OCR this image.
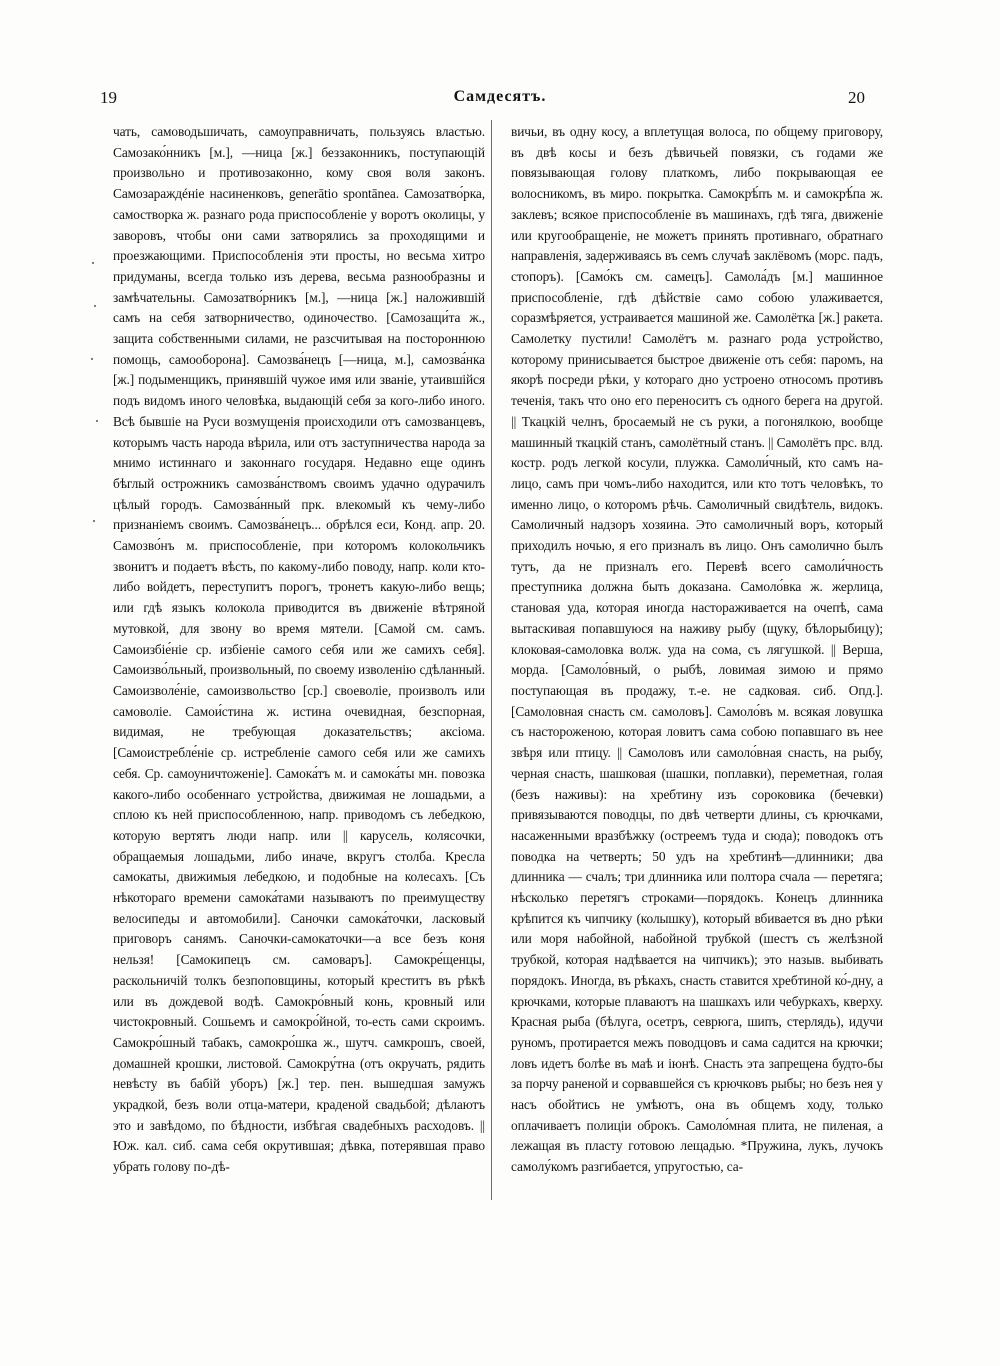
19	Самдесятъ.	20

чать, самоводьшичать, самоуправничать, пользуясь властью. Самозако́нникъ [м.], —ница [ж.] беззаконникъ, поступающій произвольно и противозаконно, кому своя воля законъ. Самозараждéніе насиненковъ, generātio spontānea. Самозатво́рка, самостворка ж. разнаго рода приспособленіе у воротъ околицы, у заворовъ, чтобы они сами затворялись за проходящими и проезжающими. Приспособленія эти просты, но весьма хитро придуманы, всегда только изъ дерева, весьма разнообразны и замѣчательны. Самозатво́рникъ [м.], —ница [ж.] наложившій самъ на себя затворничество, одиночество. [Самозащи́та ж., защита собственными силами, не разсчитывая на постороннюю помощь, самооборона]. Самозва́нецъ [—ница, м.], самозва́нка [ж.] подыменщикъ, принявшій чужое имя или званіе, утаившійся подъ видомъ иного человѣка, выдающій себя за кого-либо иного. Всѣ бывшіе на Руси возмущенія происходили отъ самозванцевъ, которымъ часть народа вѣрила, или отъ заступничества народа за мнимо истиннаго и законнаго государя. Недавно еще одинъ бѣглый острожникъ самозва́нствомъ своимъ удачно одурачилъ цѣлый городъ. Самозва́нный прк. влекомый къ чему-либо признаніемъ своимъ. Самозва́нецъ... обрѣлся еси, Конд. апр. 20. Самозво́нъ м. приспособленіе, при которомъ колокольчикъ звонитъ и подаетъ вѣсть, по какому-либо поводу, напр. коли кто-либо войдетъ, переступитъ порогъ, тронетъ какую-либо вещь; или гдѣ языкъ колокола приводится въ движеніе вѣтряной мутовкой, для звону во время мятели. [Самой см. самъ. Самоизбіе́ніе ср. избіеніе самого себя или же самихъ себя]. Самоизво́льный, произвольный, по своему изволенію сдѣланный. Самоизволе́ніе, самоизвольство [ср.] своеволіе, произволъ или самоволіе. Самои́стина ж. истина очевидная, безспорная, видимая, не требующая доказательствъ; аксіома. [Самоистребле́ніе ср. истребленіе самого себя или же самихъ себя. Ср. самоуничтоженіе]. Самока́тъ м. и самока́ты мн. повозка какого-либо особеннаго устройства, движимая не лошадьми, а сплою къ ней приспособленною, напр. приводомъ съ лебедкою, которую вертятъ люди напр. или || карусель, колясочки, обращаемыя лошадьми, либо иначе, вкругъ столба. Кресла самокаты, движимыя лебедкою, и подобные на колесахъ. [Съ нѣкотораго времени самока́тами называютъ по преимуществу велосипеды и автомобили]. Саночки самока́точки, ласковый приговоръ санямъ. Саночки-самокаточки—а все безъ коня нельзя! [Самокипецъ см. самоваръ]. Самокре́щенцы, раскольничій толкъ безпоповщины, который креститъ въ рѣкѣ или въ дождевой водѣ. Самокро́вный конь, кровный или чистокровный. Сошьемъ и самокро́йной, то-есть сами скроимъ. Самокро́шный табакъ, самокро́шка ж., шутч. самкрошъ, своей, домашней крошки, листовой. Самокру́тна (отъ окручать, рядить невѣсту въ бабій уборъ) [ж.] тер. пен. вышедшая замужъ украдкой, безъ воли отца-матери, краденой свадьбой; дѣлаютъ это и завѣдомо, по бѣдности, избѣгая свадебныхъ расходовъ. || Юж. кал. сиб. сама себя окрутившая; дѣвка, потерявшая право убрать голову по-дѣ-

вичьи, въ одну косу, а вплетущая волоса, по общему приговору, въ двѣ косы и безъ дѣвичьей повязки, съ годами же повязывающая голову платкомъ, либо покрывающая ее волосникомъ, въ мирo. покрытка. Самокрѣ́пъ м. и самокрѣ́па ж. заклевъ; всякое приспособленіе въ машинахъ, гдѣ тяга, движеніе или кругообращеніе, не можетъ принять противнаго, обратнаго направленія, задерживаясь въ семъ случаѣ заклёвомъ (морс. падъ, стопоръ). [Само́къ см. самецъ]. Самола́дъ [м.] машинное приспособленіе, гдѣ дѣйствіе само собою улаживается, соразмѣряется, устраивается машиной же. Самолётка [ж.] ракета. Самолетку пустили! Самолётъ м. разнаго рода устройство, которому принисывается быстрое движеніе отъ себя: паромъ, на якорѣ посреди рѣки, у котораго дно устроено относомъ противъ теченія, такъ что оно его переноситъ съ одного берега на другой. || Ткацкій челнъ, бросаемый не съ руки, а погонялкою, вообще машинный ткацкій станъ, самолётный станъ. || Самолётъ прс. влд. костр. родъ легкой косули, плужка. Самоли́чный, кто самъ на-лицо, самъ при чомъ-либо находится, или кто тотъ человѣкъ, то именно лицо, о которомъ рѣчь. Самоличный свидѣтель, видокъ. Самоличный надзоръ хозяина. Это самоличный воръ, который приходилъ ночью, я его призналъ въ лицо. Онъ самолично былъ тутъ, да не призналъ его. Перевѣ всего самоли́чность преступника должна быть доказана. Самоло́вка ж. жерлица, становая уда, которая иногда настораживается на очепѣ, сама вытаскивая попавшуюся на наживу рыбу (щуку, бѣлорыбицу); клоковая-самоловка волж. уда на сома, съ лягушкой. || Верша, морда. [Самоло́вный, о рыбѣ, ловимая зимою и прямо поступающая въ продажу, т.-е. не садковая. сиб. Опд.]. [Самоловная снасть см. самоловъ]. Самоло́въ м. всякая ловушка съ настороженою, которая ловитъ сама собою попавшаго въ нее звѣря или птицу. || Самоловъ или самоло́вная снасть, на рыбу, черная снасть, шашковая (шашки, поплавки), переметная, голая (безъ наживы): на хребтину изъ сороковика (бечевки) привязываются поводцы, по двѣ четверти длины, съ крючками, насаженными вразбѣжку (остреемъ туда и сюда); поводокъ отъ поводка на четверть; 50 удъ на хребтинѣ—длинники; два длинника — счалъ; три длинника или полтора счала — перетяга; нѣсколько перетягъ строками—порядокъ. Конецъ длинника крѣпится къ чипчику (колышку), который вбивается въ дно рѣки или моря набойной, набойной трубкой (шестъ съ желѣзной трубкой, которая надѣвается на чипчикъ); это назыв. выбивать порядокъ. Иногда, въ рѣкахъ, снасть ставится хребтиной ко́-дну, а крючками, которые плаваютъ на шашкахъ или чебуркахъ, кверху. Красная рыба (бѣлуга, осетръ, севрюга, шипъ, стерлядь), идучи руномъ, протирается межъ поводцовъ и сама садится на крючки; ловъ идетъ болѣе въ маѣ и іюнѣ. Снасть эта запрещена будто-бы за порчу раненой и сорвавшейся съ крючковъ рыбы; но безъ нея у насъ обойтись не умѣютъ, она въ общемъ ходу, только оплачиваетъ полиціи оброкъ. Самоло́мная плита, не пиленая, а лежащая въ пласту готовою лещадью. *Пружина, лукъ, лучокъ самолу́комъ разгибается, упругостью, са-
